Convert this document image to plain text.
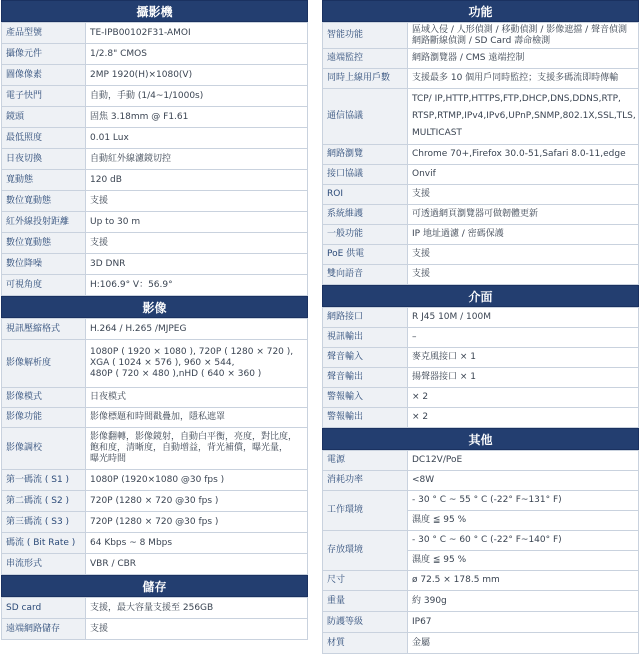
攝影機
產品型號	TE-IPB00102F31-AMOI
攝像元件	1/2.8" CMOS
圖像像素	2MP 1920(H)×1080(V)
電子快門	自動，手動 (1/4~1/1000s)
鏡頭	固焦 3.18mm @ F1.61
最低照度	0.01 Lux
日夜切換	自動紅外線濾鏡切控
寬動態	120 dB
數位寬動態	支援
紅外線投射距離	Up to 30 m
數位寬動態	支援
數位降噪	3D DNR
可視角度	H:106.9° V：56.9°
影像
視訊壓縮格式	H.264 / H.265 /MJPEG
影像解析度	1080P ( 1920 × 1080 ), 720P ( 1280 × 720 ),
XGA ( 1024 × 576 ), 960 × 544,
480P ( 720 × 480 ),nHD ( 640 × 360 )

影像模式	日夜模式
影像功能	影像標題和時間戳疊加，隱私遮罩
影像調校	影像翻轉，影像鏡射，自動白平衡，亮度，對比度，
飽和度，清晰度，自動增益，背光補償，曝光量，
曝光時間

第一碼流 ( S1 )	1080P (1920×1080 @30 fps )
第二碼流 ( S2 )	720P (1280 × 720 @30 fps )
第三碼流 ( S3 )	720P (1280 × 720 @30 fps )
碼流 ( Bit Rate )	64 Kbps ~ 8 Mbps
串流形式	VBR / CBR
儲存
SD card	支援，最大容量支援至 256GB
遠端網路儲存	支援
功能
智能功能	區域入侵 / 人形偵測 / 移動偵測 / 影像遮擋 / 聲音偵測
網路斷線偵測 / SD Card 壽命檢測

遠端監控	網路瀏覽器 / CMS 遠端控制
同時上線用戶數	支援最多 10 個用戶同時監控；支援多碼流即時傳輸
通信協議	TCP/ IP,HTTP,HTTPS,FTP,DHCP,DNS,DDNS,RTP,
RTSP,RTMP,IPv4,IPv6,UPnP,SNMP,802.1X,SSL,TLS,
MULTICAST

網路瀏覽	Chrome 70+,Firefox 30.0-51,Safari 8.0-11,edge
接口協議	Onvif
ROI	支援
系統維護	可透過網頁瀏覽器可做韌體更新
一般功能	IP 地址過濾 / 密碼保護
PoE 供電	支援
雙向語音	支援
介面
網路接口	R J45 10M / 100M
視訊輸出	–
聲音輸入	麥克風接口 × 1
聲音輸出	揚聲器接口 × 1
警報輸入	× 2
警報輸出	× 2
其他
電源	DC12V/PoE
消耗功率	<8W
工作環境	- 30 ° C ~ 55 ° C (-22° F~131° F)
	濕度 ≦ 95 %
存放環境	- 30 ° C ~ 60 ° C (-22° F~140° F)
	濕度 ≦ 95 %
尺寸	ø 72.5 × 178.5 mm
重量	約 390g
防護等級	IP67
材質	金屬
